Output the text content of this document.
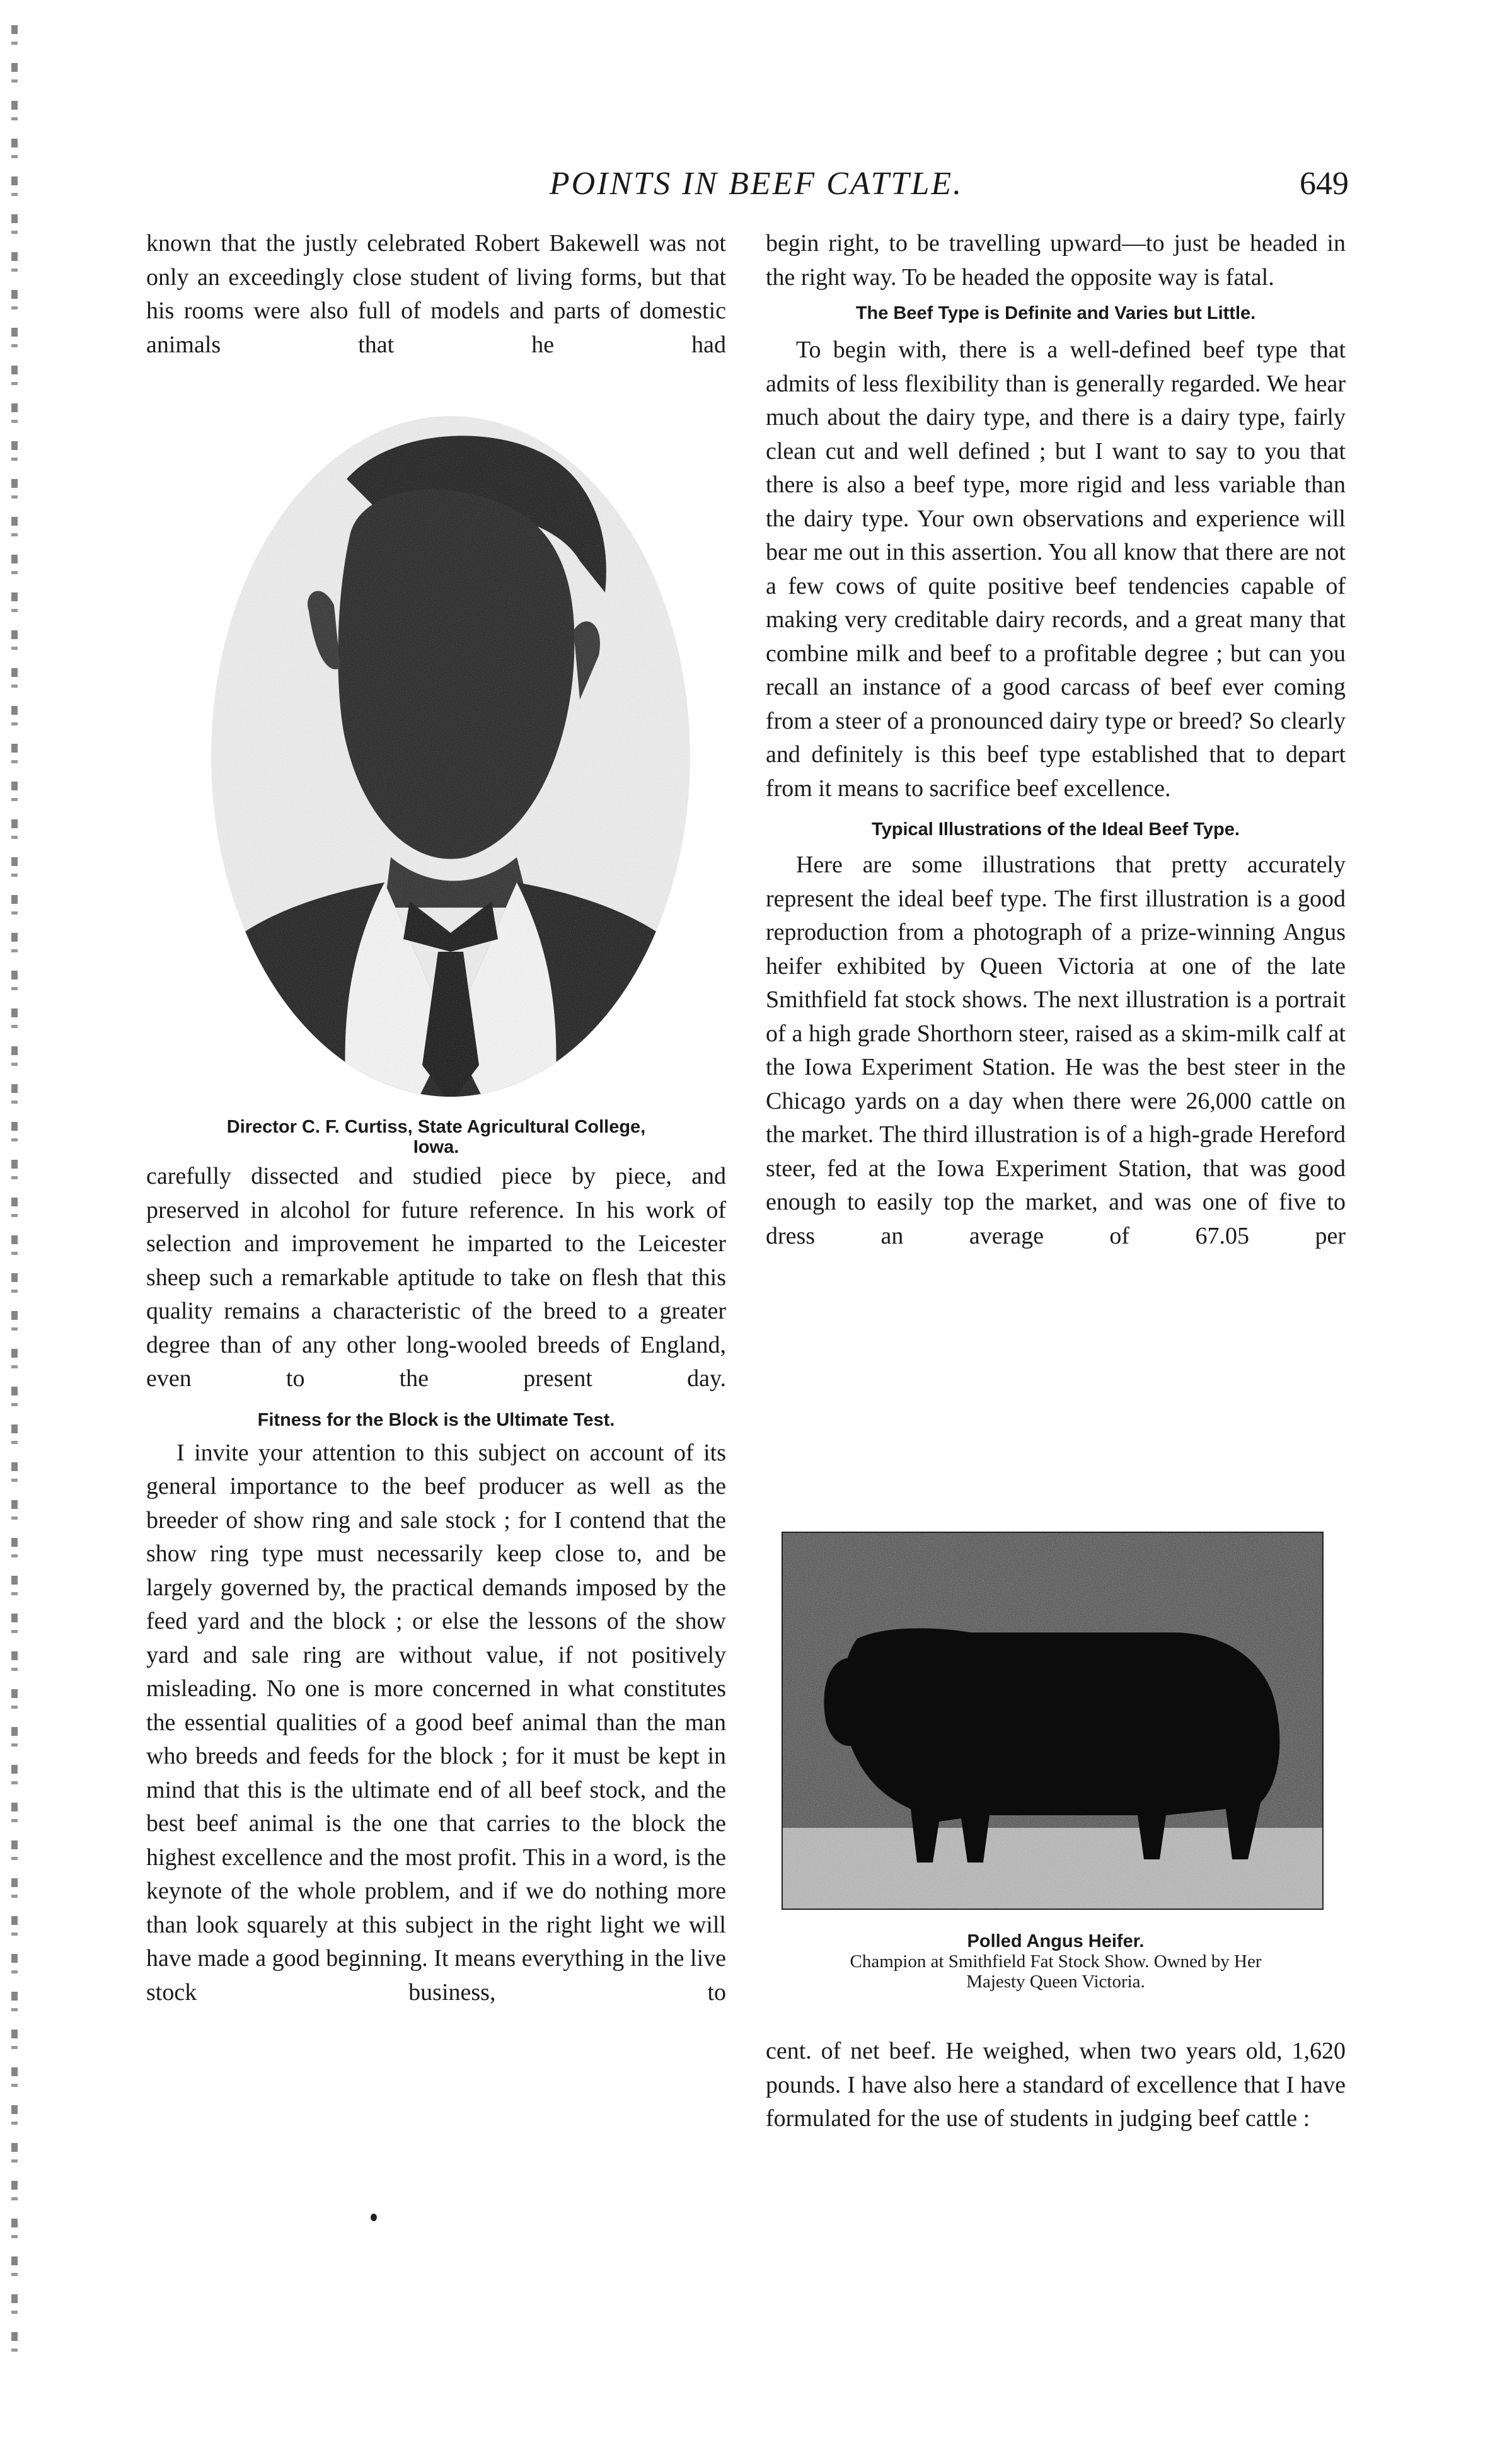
POINTS IN BEEF CATTLE.	649

known that the justly celebrated Robert Bakewell was not only an exceedingly close student of living forms, but that his rooms were also full of models and parts of domestic animals that he had

Director C. F. Curtiss, State Agricultural College,
Iowa.

carefully dissected and studied piece by piece, and preserved in alcohol for future reference. In his work of selection and improvement he imparted to the Leicester sheep such a remarkable aptitude to take on flesh that this quality remains a characteristic of the breed to a greater degree than of any other long-wooled breeds of England, even to the present day.

Fitness for the Block is the Ultimate Test.

I invite your attention to this subject on account of its general importance to the beef producer as well as the breeder of show ring and sale stock ; for I contend that the show ring type must necessarily keep close to, and be largely governed by, the practical demands imposed by the feed yard and the block ; or else the lessons of the show yard and sale ring are without value, if not positively misleading. No one is more concerned in what constitutes the essential qualities of a good beef animal than the man who breeds and feeds for the block ; for it must be kept in mind that this is the ultimate end of all beef stock, and the best beef animal is the one that carries to the block the highest excellence and the most profit. This in a word, is the keynote of the whole problem, and if we do nothing more than look squarely at this subject in the right light we will have made a good beginning. It means everything in the live stock business, to

begin right, to be travelling upward—to just be headed in the right way. To be headed the opposite way is fatal.

The Beef Type is Definite and Varies but Little.

To begin with, there is a well-defined beef type that admits of less flexibility than is generally regarded. We hear much about the dairy type, and there is a dairy type, fairly clean cut and well defined ; but I want to say to you that there is also a beef type, more rigid and less variable than the dairy type. Your own observations and experience will bear me out in this assertion. You all know that there are not a few cows of quite positive beef tendencies capable of making very creditable dairy records, and a great many that combine milk and beef to a profitable degree ; but can you recall an instance of a good carcass of beef ever coming from a steer of a pronounced dairy type or breed? So clearly and definitely is this beef type established that to depart from it means to sacrifice beef excellence.

Typical Illustrations of the Ideal Beef Type.

Here are some illustrations that pretty accurately represent the ideal beef type. The first illustration is a good reproduction from a photograph of a prize-winning Angus heifer exhibited by Queen Victoria at one of the late Smithfield fat stock shows. The next illustration is a portrait of a high grade Shorthorn steer, raised as a skim-milk calf at the Iowa Experiment Station. He was the best steer in the Chicago yards on a day when there were 26,000 cattle on the market. The third illustration is of a high-grade Hereford steer, fed at the Iowa Experiment Station, that was good enough to easily top the market, and was one of five to dress an average of 67.05 per

Polled Angus Heifer.
Champion at Smithfield Fat Stock Show. Owned by Her
Majesty Queen Victoria.

cent. of net beef. He weighed, when two years old, 1,620 pounds. I have also here a standard of excellence that I have formulated for the use of students in judging beef cattle :
